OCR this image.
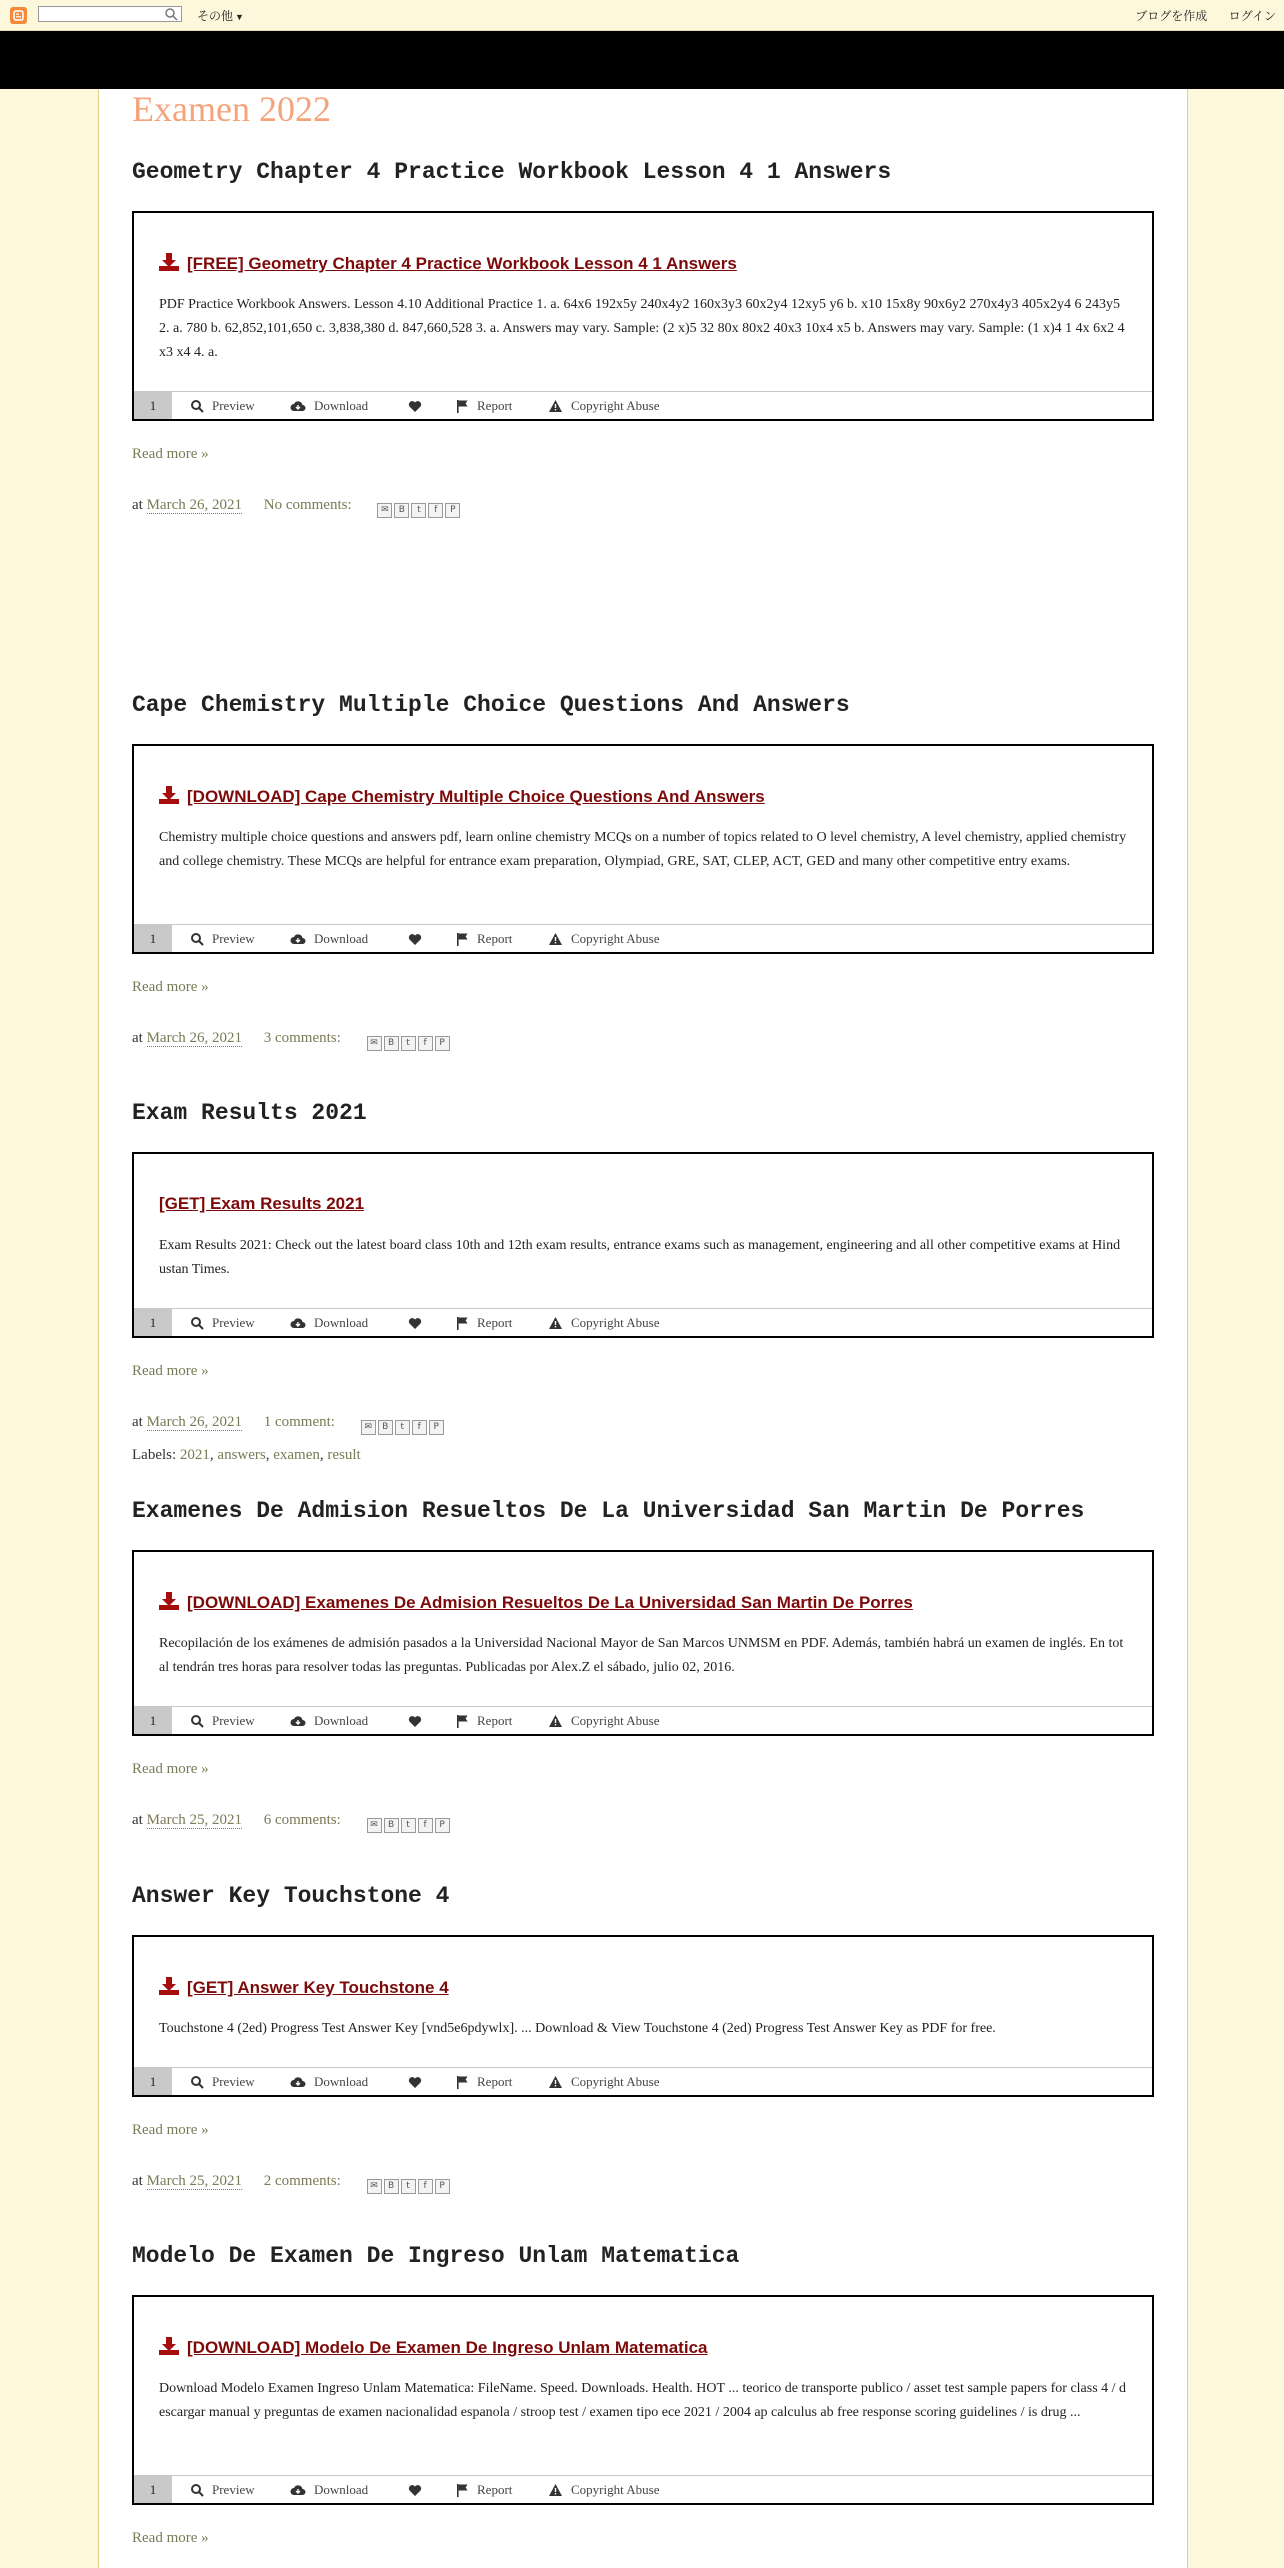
その他 ▼	ブログを作成 ログイン
Examen 2022
Geometry Chapter 4 Practice Workbook Lesson 4 1 Answers
[FREE] Geometry Chapter 4 Practice Workbook Lesson 4 1 Answers
PDF Practice Workbook Answers. Lesson 4.10 Additional Practice 1. a. 64x6 192x5y 240x4y2 160x3y3 60x2y4 12xy5 y6 b. x10 15x8y 90x6y2 270x4y3 405x2y4 6 243y5 2. a. 780 b. 62,852,101,650 c. 3,838,380 d. 847,660,528 3. a. Answers may vary. Sample: (2 x)5 32 80x 80x2 40x3 10x4 x5 b. Answers may vary. Sample: (1 x)4 1 4x 6x2 4x3 x4 4. a.
1	Preview	Download	Report	Copyright Abuse
Read more »
at March 26, 2021 No comments:	✉ B t f P
Cape Chemistry Multiple Choice Questions And Answers
[DOWNLOAD] Cape Chemistry Multiple Choice Questions And Answers
Chemistry multiple choice questions and answers pdf, learn online chemistry MCQs on a number of topics related to O level chemistry, A level chemistry, applied chemistry and college chemistry. These MCQs are helpful for entrance exam preparation, Olympiad, GRE, SAT, CLEP, ACT, GED and many other competitive entry exams.
1	Preview	Download	Report	Copyright Abuse
Read more »
at March 26, 2021 3 comments:	✉ B t f P
Exam Results 2021
[GET] Exam Results 2021
Exam Results 2021: Check out the latest board class 10th and 12th exam results, entrance exams such as management, engineering and all other competitive exams at Hindustan Times.
1	Preview	Download	Report	Copyright Abuse
Read more »
at March 26, 2021 1 comment:	✉ B t f P
Labels: 2021, answers, examen, result
Examenes De Admision Resueltos De La Universidad San Martin De Porres
[DOWNLOAD] Examenes De Admision Resueltos De La Universidad San Martin De Porres
Recopilación de los exámenes de admisión pasados a la Universidad Nacional Mayor de San Marcos UNMSM en PDF. Además, también habrá un examen de inglés. En total tendrán tres horas para resolver todas las preguntas. Publicadas por Alex.Z el sábado, julio 02, 2016.
1	Preview	Download	Report	Copyright Abuse
Read more »
at March 25, 2021 6 comments:	✉ B t f P
Answer Key Touchstone 4
[GET] Answer Key Touchstone 4
Touchstone 4 (2ed) Progress Test Answer Key [vnd5e6pdywlx]. ... Download & View Touchstone 4 (2ed) Progress Test Answer Key as PDF for free.
1	Preview	Download	Report	Copyright Abuse
Read more »
at March 25, 2021 2 comments:	✉ B t f P
Modelo De Examen De Ingreso Unlam Matematica
[DOWNLOAD] Modelo De Examen De Ingreso Unlam Matematica
Download Modelo Examen Ingreso Unlam Matematica: FileName. Speed. Downloads. Health. HOT ... teorico de transporte publico / asset test sample papers for class 4 / descargar manual y preguntas de examen nacionalidad espanola / stroop test / examen tipo ece 2021 / 2004 ap calculus ab free response scoring guidelines / is drug ...
1	Preview	Download	Report	Copyright Abuse
Read more »
